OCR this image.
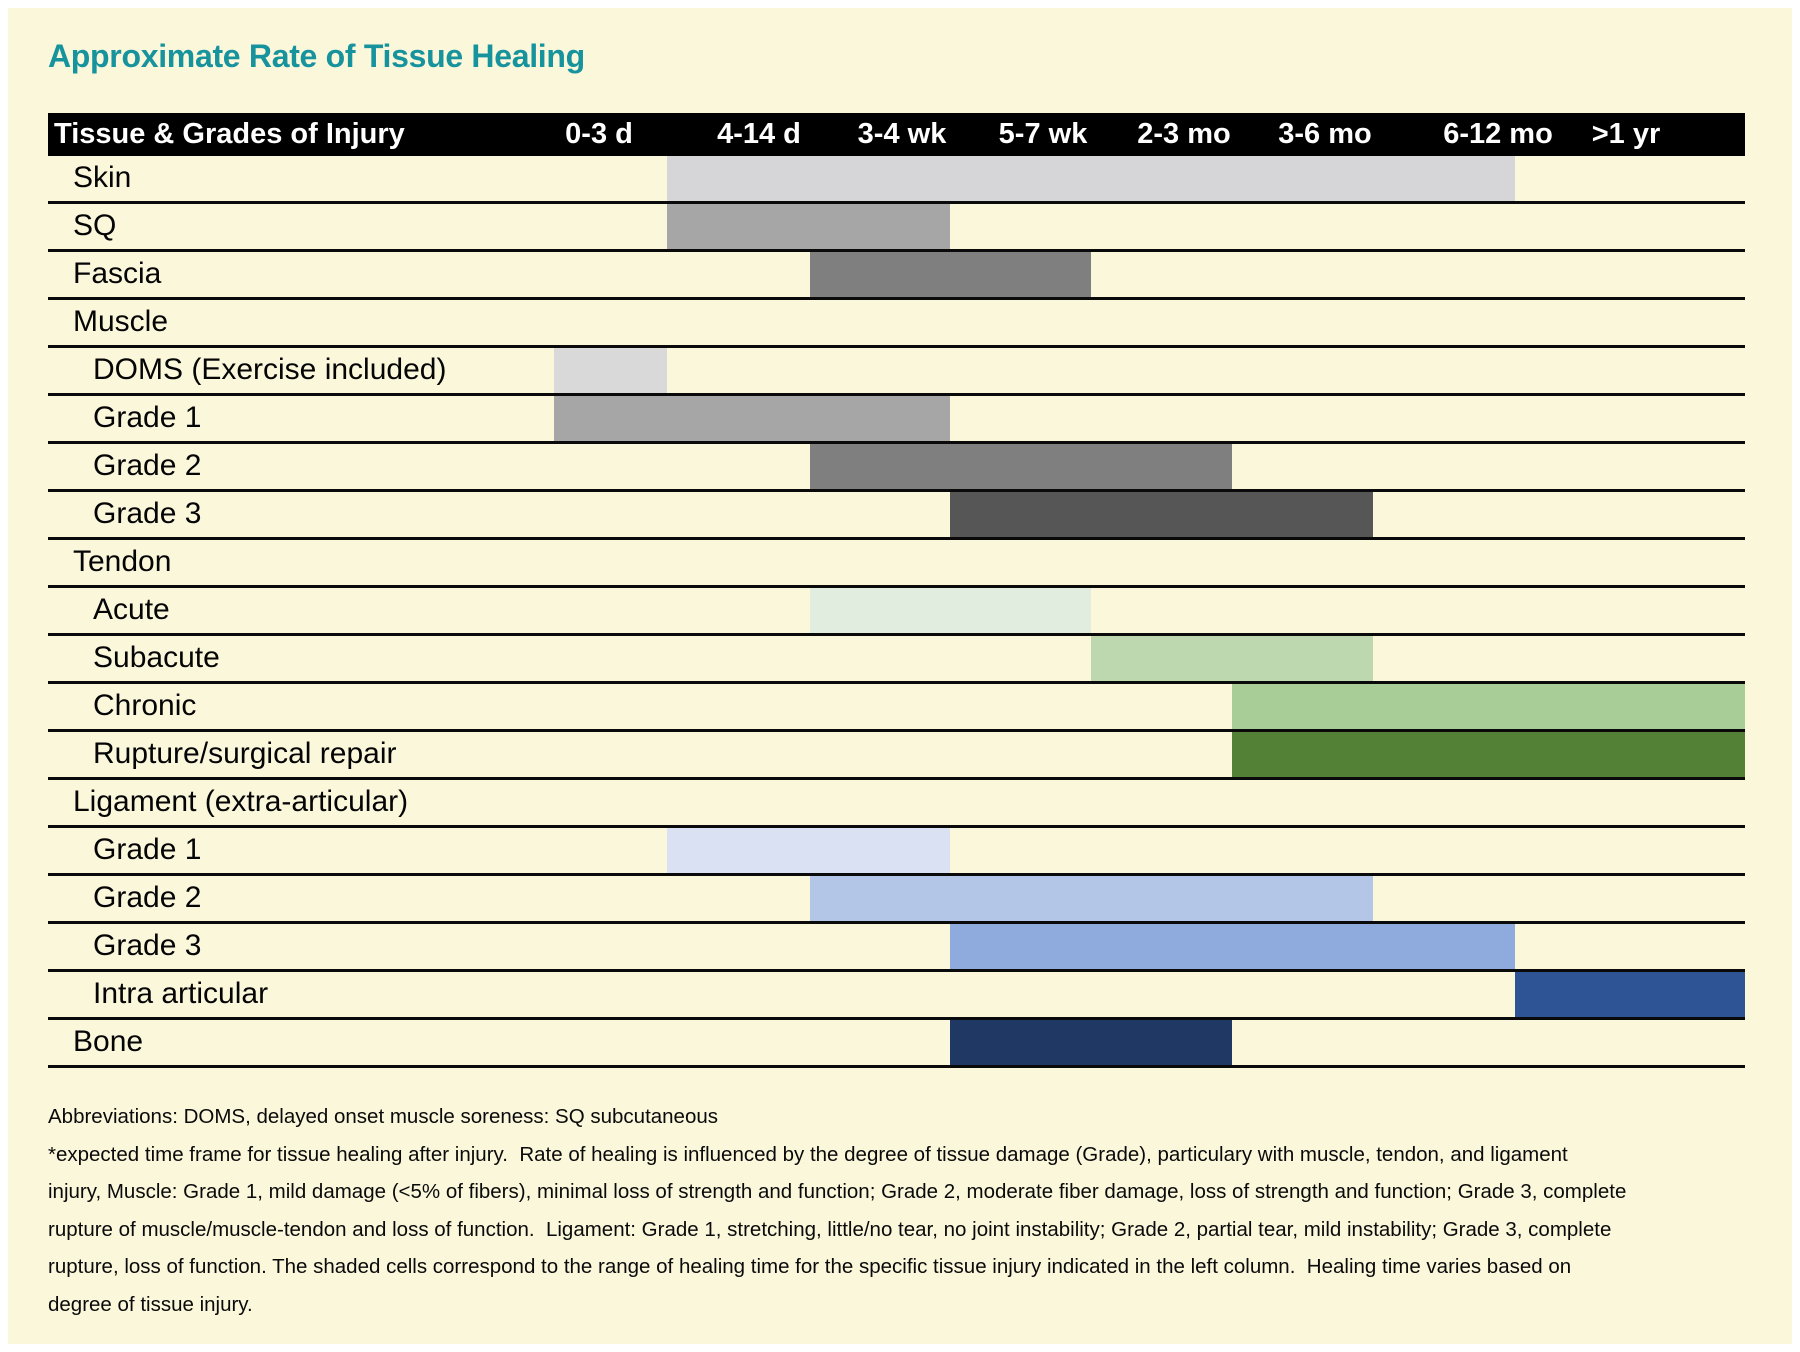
Approximate Rate of Tissue Healing
Tissue & Grades of Injury	0-3 d	4-14 d 3-4 wk 5-7 wk 2-3 mo 3-6 mo 6-12 mo >1 yr
Skin
SQ
Fascia
Muscle
DOMS (Exercise included)
Grade 1
Grade 2
Grade 3
Tendon
Acute
Subacute
Chronic
Rupture/surgical repair
Ligament (extra-articular)
Grade 1
Grade 2
Grade 3
Intra articular
Bone
Abbreviations: DOMS, delayed onset muscle soreness: SQ subcutaneous
*expected time frame for tissue healing after injury.  Rate of healing is influenced by the degree of tissue damage (Grade), particulary with muscle, tendon, and ligament
injury, Muscle: Grade 1, mild damage (<5% of fibers), minimal loss of strength and function; Grade 2, moderate fiber damage, loss of strength and function; Grade 3, complete
rupture of muscle/muscle-tendon and loss of function.  Ligament: Grade 1, stretching, little/no tear, no joint instability; Grade 2, partial tear, mild instability; Grade 3, complete
rupture, loss of function. The shaded cells correspond to the range of healing time for the specific tissue injury indicated in the left column.  Healing time varies based on
degree of tissue injury.
